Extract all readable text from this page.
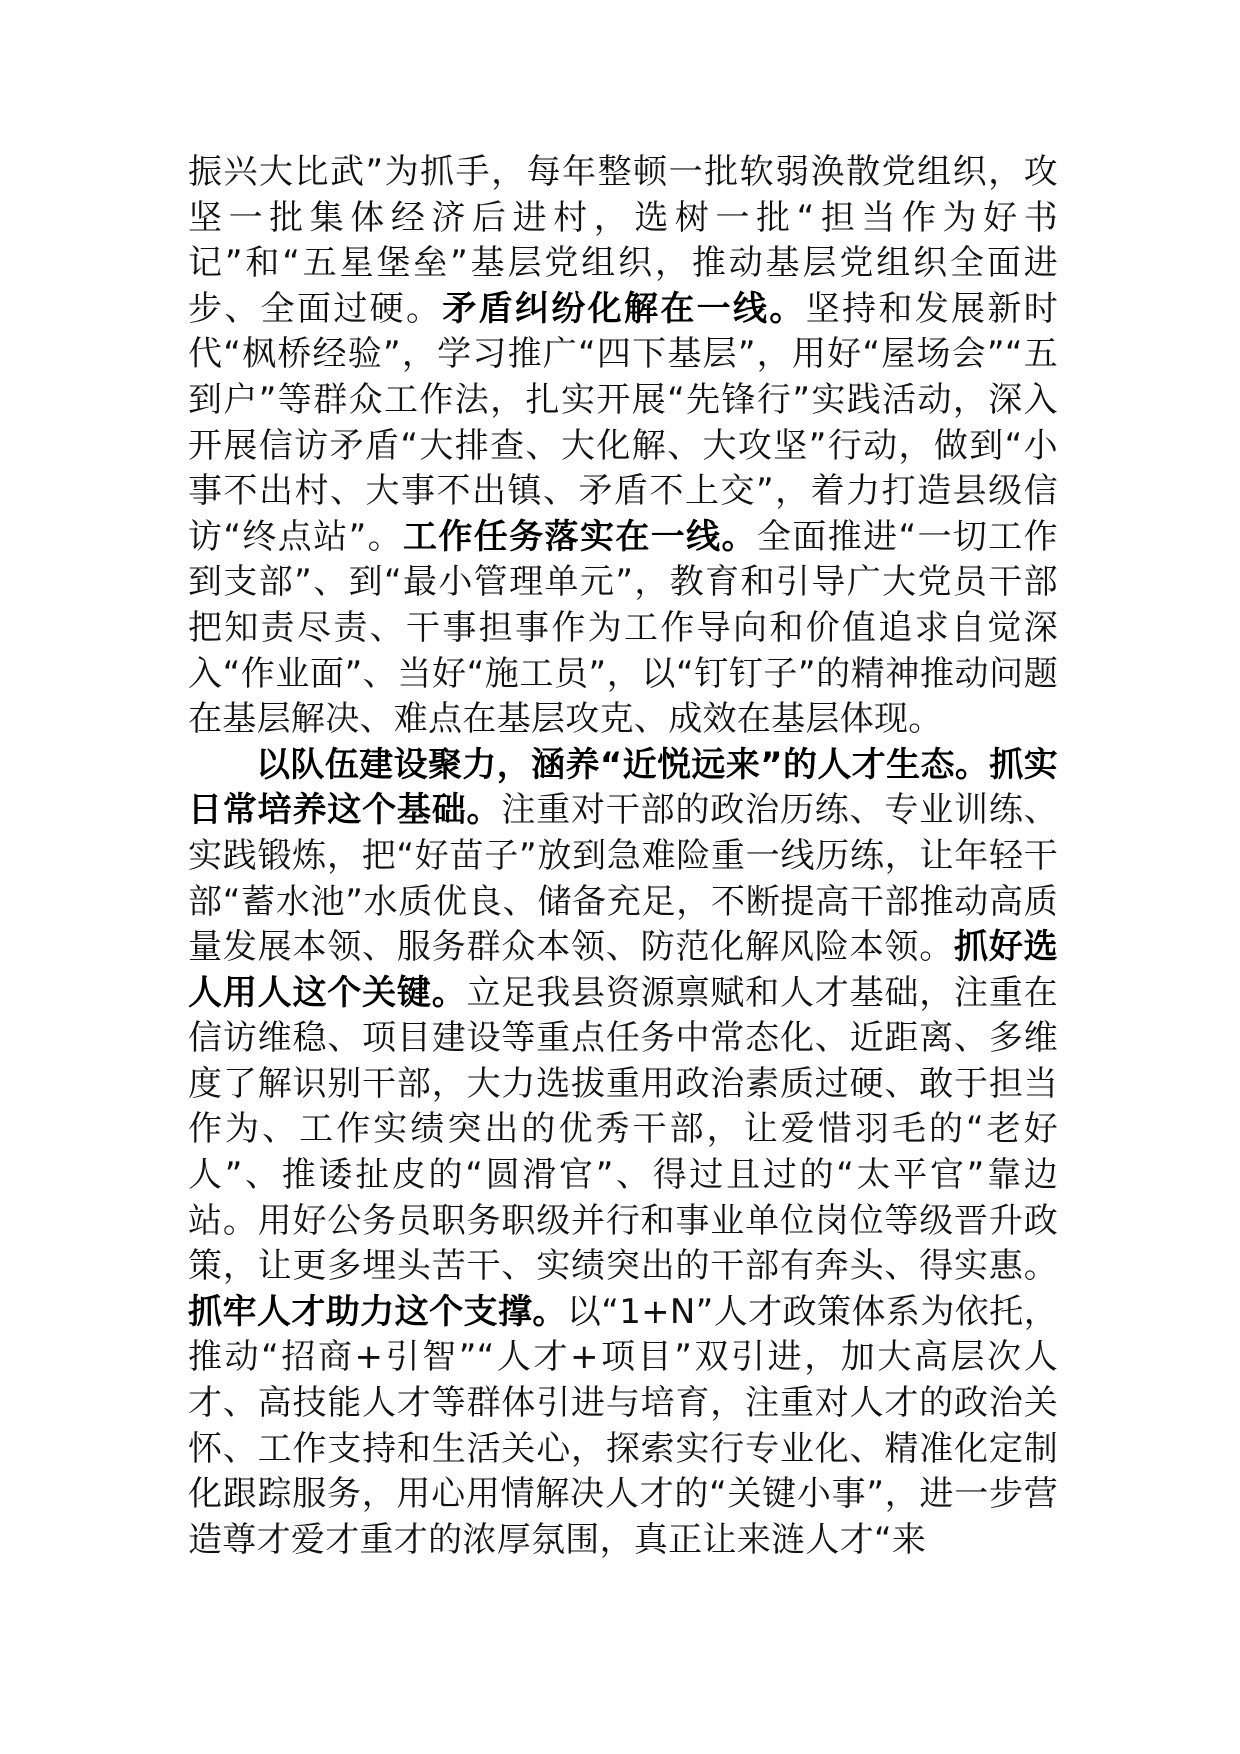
振兴大比武”为抓手，每年整顿一批软弱涣散党组织，攻坚一批集体经济后进村，选树一批“担当作为好书记”和“五星堡垒”基层党组织，推动基层党组织全面进步、全面过硬。矛盾纠纷化解在一线。坚持和发展新时代“枫桥经验”，学习推广“四下基层”，用好“屋场会”“五到户”等群众工作法，扎实开展“先锋行”实践活动，深入开展信访矛盾“大排查、大化解、大攻坚”行动，做到“小事不出村、大事不出镇、矛盾不上交”，着力打造县级信访“终点站”。工作任务落实在一线。全面推进“一切工作到支部”、到“最小管理单元”，教育和引导广大党员干部把知责尽责、干事担事作为工作导向和价值追求自觉深入“作业面”、当好“施工员”，以“钉钉子”的精神推动问题在基层解决、难点在基层攻克、成效在基层体现。

以队伍建设聚力，涵养“近悦远来”的人才生态。抓实日常培养这个基础。注重对干部的政治历练、专业训练、实践锻炼，把“好苗子”放到急难险重一线历练，让年轻干部“蓄水池”水质优良、储备充足，不断提高干部推动高质量发展本领、服务群众本领、防范化解风险本领。抓好选人用人这个关键。立足我县资源禀赋和人才基础，注重在信访维稳、项目建设等重点任务中常态化、近距离、多维度了解识别干部，大力选拔重用政治素质过硬、敢于担当作为、工作实绩突出的优秀干部，让爱惜羽毛的“老好人”、推诿扯皮的“圆滑官”、得过且过的“太平官”靠边站。用好公务员职务职级并行和事业单位岗位等级晋升政策，让更多埋头苦干、实绩突出的干部有奔头、得实惠。抓牢人才助力这个支撑。以“1+N”人才政策体系为依托，推动“招商+引智”“人才+项目”双引进，加大高层次人才、高技能人才等群体引进与培育，注重对人才的政治关怀、工作支持和生活关心，探索实行专业化、精准化定制化跟踪服务，用心用情解决人才的“关键小事”，进一步营造尊才爱才重才的浓厚氛围，真正让来涟人才“来
